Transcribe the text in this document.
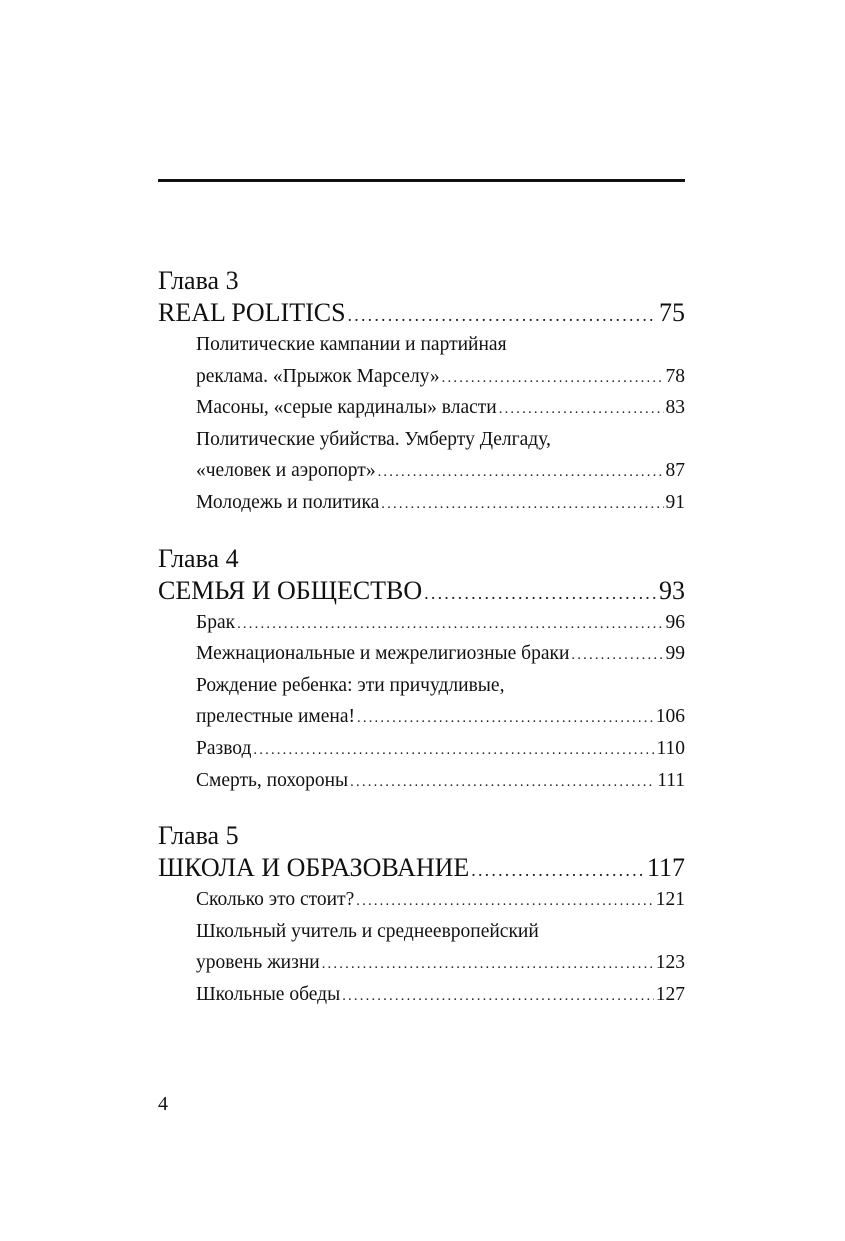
Глава 3
REAL POLITICS .....	75
Политические кампании и партийная
реклама. «Прыжок Марселу» .....	78
Масоны, «серые кардиналы» власти .....	83
Политические убийства. Умберту Делгаду,
«человек и аэропорт» .....	87
Молодежь и политика .....	91
Глава 4
СЕМЬЯ И ОБЩЕСТВО .....	93
Брак .....	96
Межнациональные и межрелигиозные браки .....	99
Рождение ребенка: эти причудливые,
прелестные имена! .....	106
Развод .....	110
Смерть, похороны .....	111
Глава 5
ШКОЛА И ОБРАЗОВАНИЕ .....	117
Сколько это стоит? .....	121
Школьный учитель и среднеевропейский
уровень жизни .....	123
Школьные обеды .....	127
4
